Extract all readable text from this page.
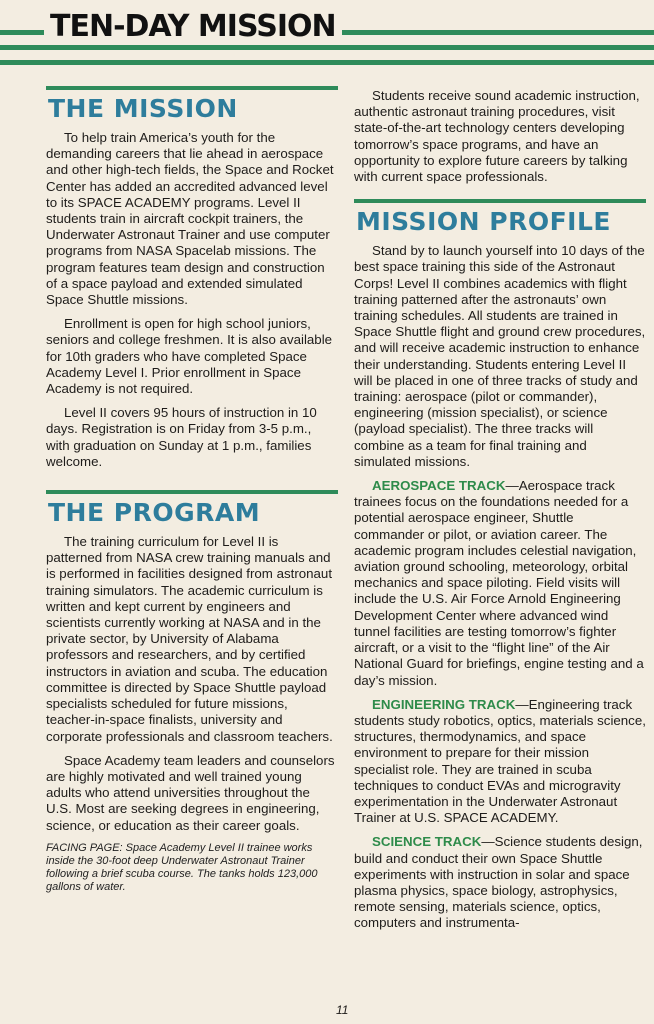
TEN-DAY MISSION
THE MISSION

To help train America’s youth for the demanding careers that lie ahead in aerospace and other high-tech fields, the Space and Rocket Center has added an accredited advanced level to its SPACE ACADEMY programs. Level II students train in aircraft cockpit trainers, the Underwater Astronaut Trainer and use computer programs from NASA Spacelab missions. The program features team design and construction of a space payload and extended simulated Space Shuttle missions.

Enrollment is open for high school juniors, seniors and college freshmen. It is also available for 10th graders who have completed Space Academy Level I. Prior enrollment in Space Academy is not required.

Level II covers 95 hours of instruction in 10 days. Registration is on Friday from 3-5 p.m., with graduation on Sunday at 1 p.m., families welcome.

THE PROGRAM

The training curriculum for Level II is patterned from NASA crew training manuals and is performed in facilities designed from astronaut training simulators. The academic curriculum is written and kept current by engineers and scientists currently working at NASA and in the private sector, by University of Alabama professors and researchers, and by certified instructors in aviation and scuba. The education committee is directed by Space Shuttle payload specialists scheduled for future missions, teacher-in-space finalists, university and corporate professionals and classroom teachers.

Space Academy team leaders and counselors are highly motivated and well trained young adults who attend universities throughout the U.S. Most are seeking degrees in engineering, science, or education as their career goals.

FACING PAGE: Space Academy Level II trainee works inside the 30-foot deep Underwater Astronaut Trainer following a brief scuba course. The tanks holds 123,000 gallons of water.

Students receive sound academic instruction, authentic astronaut training procedures, visit state-of-the-art technology centers developing tomorrow’s space programs, and have an opportunity to explore future careers by talking with current space professionals.

MISSION PROFILE

Stand by to launch yourself into 10 days of the best space training this side of the Astronaut Corps! Level II combines academics with flight training patterned after the astronauts’ own training schedules. All students are trained in Space Shuttle flight and ground crew procedures, and will receive academic instruction to enhance their understanding. Students entering Level II will be placed in one of three tracks of study and training: aerospace (pilot or commander), engineering (mission specialist), or science (payload specialist). The three tracks will combine as a team for final training and simulated missions.

AEROSPACE TRACK—Aerospace track trainees focus on the foundations needed for a potential aerospace engineer, Shuttle commander or pilot, or aviation career. The academic program includes celestial navigation, aviation ground schooling, meteorology, orbital mechanics and space piloting. Field visits will include the U.S. Air Force Arnold Engineering Development Center where advanced wind tunnel facilities are testing tomorrow’s fighter aircraft, or a visit to the “flight line” of the Air National Guard for briefings, engine testing and a day’s mission.

ENGINEERING TRACK—Engineering track students study robotics, optics, materials science, structures, thermodynamics, and space environment to prepare for their mission specialist role. They are trained in scuba techniques to conduct EVAs and microgravity experimentation in the Underwater Astronaut Trainer at U.S. SPACE ACADEMY.

SCIENCE TRACK—Science students design, build and conduct their own Space Shuttle experiments with instruction in solar and space plasma physics, space biology, astrophysics, remote sensing, materials science, optics, computers and instrumenta-

11
